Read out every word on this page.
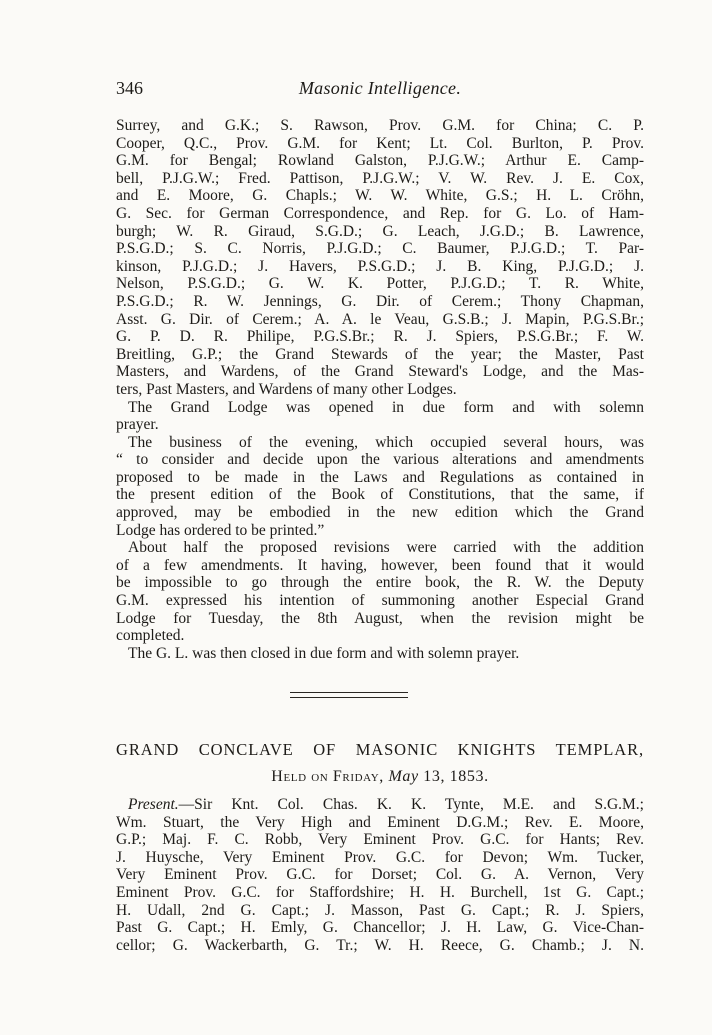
346	Masonic Intelligence.
Surrey, and G.K.; S. Rawson, Prov. G.M. for China; C. P.
Cooper, Q.C., Prov. G.M. for Kent; Lt. Col. Burlton, P. Prov.
G.M. for Bengal; Rowland Galston, P.J.G.W.; Arthur E. Camp-
bell, P.J.G.W.; Fred. Pattison, P.J.G.W.; V. W. Rev. J. E. Cox,
and E. Moore, G. Chapls.; W. W. White, G.S.; H. L. Cröhn,
G. Sec. for German Correspondence, and Rep. for G. Lo. of Ham-
burgh; W. R. Giraud, S.G.D.; G. Leach, J.G.D.; B. Lawrence,
P.S.G.D.; S. C. Norris, P.J.G.D.; C. Baumer, P.J.G.D.; T. Par-
kinson, P.J.G.D.; J. Havers, P.S.G.D.; J. B. King, P.J.G.D.; J.
Nelson, P.S.G.D.; G. W. K. Potter, P.J.G.D.; T. R. White,
P.S.G.D.; R. W. Jennings, G. Dir. of Cerem.; Thony Chapman,
Asst. G. Dir. of Cerem.; A. A. le Veau, G.S.B.; J. Mapin, P.G.S.Br.;
G. P. D. R. Philipe, P.G.S.Br.; R. J. Spiers, P.S.G.Br.; F. W.
Breitling, G.P.; the Grand Stewards of the year; the Master, Past
Masters, and Wardens, of the Grand Steward's Lodge, and the Mas-
ters, Past Masters, and Wardens of many other Lodges.
The Grand Lodge was opened in due form and with solemn
prayer.
The business of the evening, which occupied several hours, was
“ to consider and decide upon the various alterations and amendments
proposed to be made in the Laws and Regulations as contained in
the present edition of the Book of Constitutions, that the same, if
approved, may be embodied in the new edition which the Grand
Lodge has ordered to be printed.”
About half the proposed revisions were carried with the addition
of a few amendments. It having, however, been found that it would
be impossible to go through the entire book, the R. W. the Deputy
G.M. expressed his intention of summoning another Especial Grand
Lodge for Tuesday, the 8th August, when the revision might be
completed.
The G. L. was then closed in due form and with solemn prayer.
GRAND CONCLAVE OF MASONIC KNIGHTS TEMPLAR,
Held on Friday, May 13, 1853.
Present.—Sir Knt. Col. Chas. K. K. Tynte, M.E. and S.G.M.;
Wm. Stuart, the Very High and Eminent D.G.M.; Rev. E. Moore,
G.P.; Maj. F. C. Robb, Very Eminent Prov. G.C. for Hants; Rev.
J. Huysche, Very Eminent Prov. G.C. for Devon; Wm. Tucker,
Very Eminent Prov. G.C. for Dorset; Col. G. A. Vernon, Very
Eminent Prov. G.C. for Staffordshire; H. H. Burchell, 1st G. Capt.;
H. Udall, 2nd G. Capt.; J. Masson, Past G. Capt.; R. J. Spiers,
Past G. Capt.; H. Emly, G. Chancellor; J. H. Law, G. Vice-Chan-
cellor; G. Wackerbarth, G. Tr.; W. H. Reece, G. Chamb.; J. N.
